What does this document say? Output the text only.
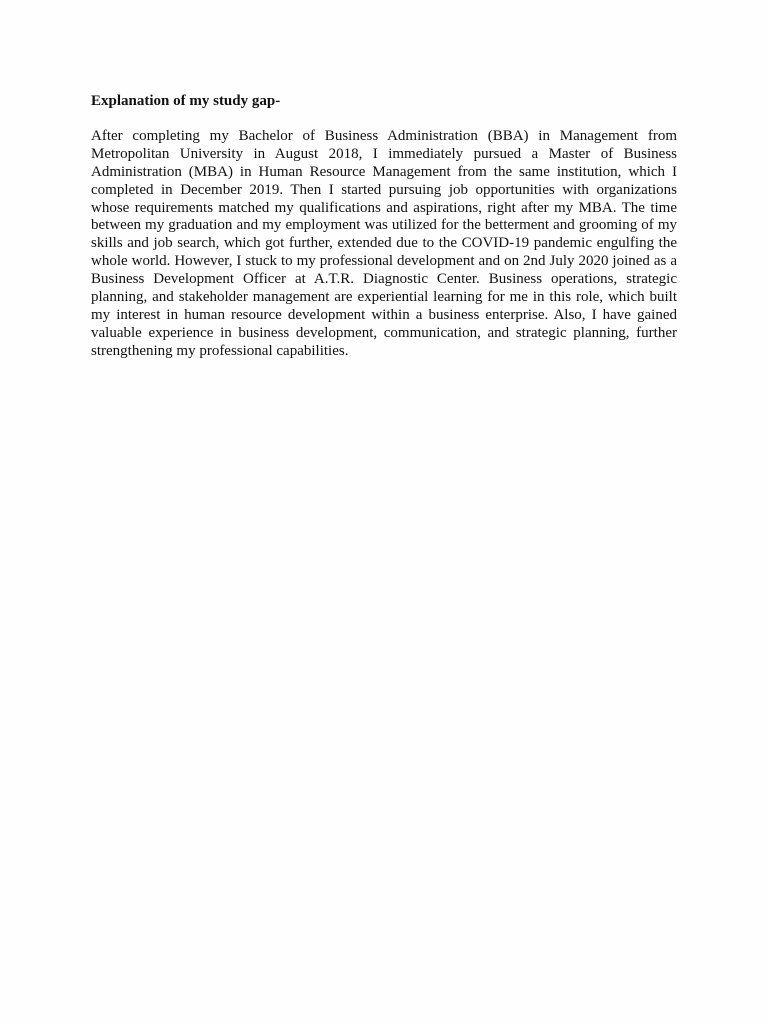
Explanation of my study gap-

After completing my Bachelor of Business Administration (BBA) in Management from Metropolitan University in August 2018, I immediately pursued a Master of Business Administration (MBA) in Human Resource Management from the same institution, which I completed in December 2019. Then I started pursuing job opportunities with organizations whose requirements matched my qualifications and aspirations, right after my MBA. The time between my graduation and my employment was utilized for the betterment and grooming of my skills and job search, which got further, extended due to the COVID-19 pandemic engulfing the whole world. However, I stuck to my professional development and on 2nd July 2020 joined as a Business Development Officer at A.T.R. Diagnostic Center. Business operations, strategic planning, and stakeholder management are experiential learning for me in this role, which built my interest in human resource development within a business enterprise. Also, I have gained valuable experience in business development, communication, and strategic planning, further strengthening my professional capabilities.
